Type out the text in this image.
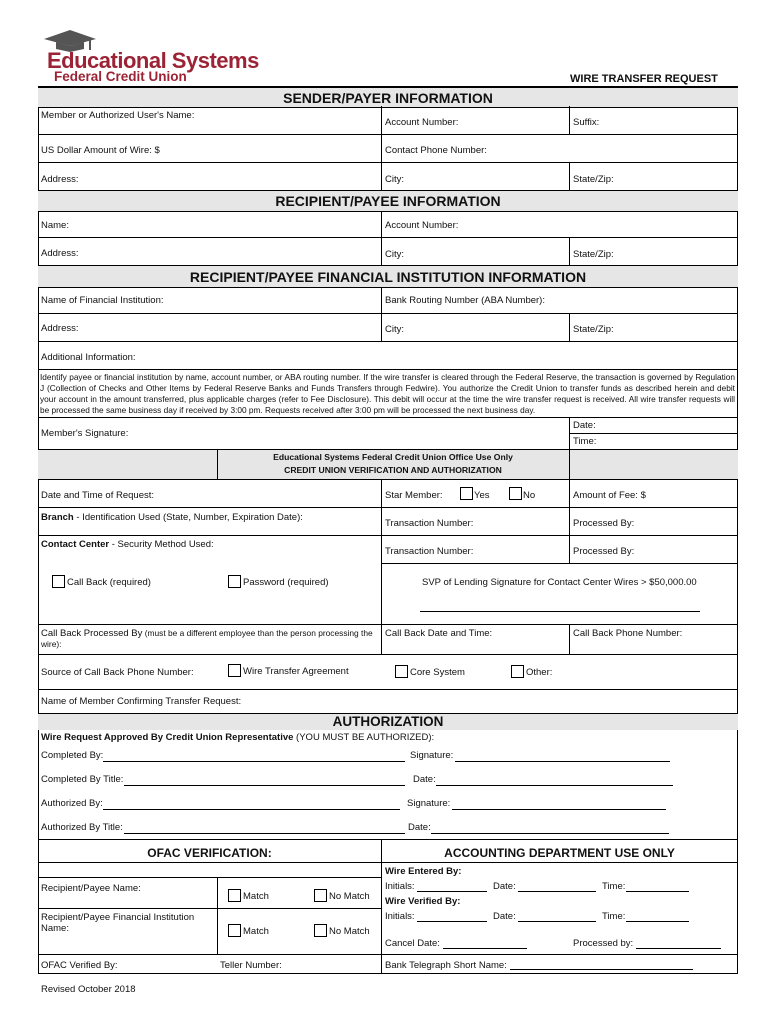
Educational Systems
Federal Credit Union	WIRE TRANSFER REQUEST
SENDER/PAYER INFORMATION
Member or Authorized User's Name:
Account Number:	Suffix:
US Dollar Amount of Wire: $	Contact Phone Number:
Address:	City:	State/Zip:
RECIPIENT/PAYEE INFORMATION
Name:	Account Number:
Address:	City:	State/Zip:
RECIPIENT/PAYEE FINANCIAL INSTITUTION INFORMATION
Name of Financial Institution:	Bank Routing Number (ABA Number):
Address:	City:	State/Zip:
Additional Information:
Identify payee or financial institution by name, account number, or ABA routing number. If the wire transfer is cleared through the Federal Reserve, the transaction is governed by Regulation J (Collection of Checks and Other Items by Federal Reserve Banks and Funds Transfers through Fedwire). You authorize the Credit Union to transfer funds as described herein and debit your account in the amount transferred, plus applicable charges (refer to Fee Disclosure). This debit will occur at the time the wire transfer request is received. All wire transfer requests will be processed the same business day if received by 3:00 pm. Requests received after 3:00 pm will be processed the next business day.
Member's Signature:
Date:
Time:
Educational Systems Federal Credit Union Office Use Only
CREDIT UNION VERIFICATION AND AUTHORIZATION
Date and Time of Request:	Star Member:	Yes	No	Amount of Fee: $
Branch - Identification Used (State, Number, Expiration Date):
Transaction Number:	Processed By:
Contact Center - Security Method Used:
Transaction Number:	Processed By:
Call Back (required)	Password (required)	SVP of Lending Signature for Contact Center Wires > $50,000.00
Call Back Processed By (must be a different employee than the person processing the wire):
Call Back Date and Time:	Call Back Phone Number:
Source of Call Back Phone Number:	Wire Transfer Agreement	Core System	Other:
Name of Member Confirming Transfer Request:
AUTHORIZATION
Wire Request Approved By Credit Union Representative (YOU MUST BE AUTHORIZED):
Completed By:	Signature:
Completed By Title:	Date:
Authorized By:	Signature:
Authorized By Title:	Date:
OFAC VERIFICATION:	ACCOUNTING DEPARTMENT USE ONLY
Recipient/Payee Name:
Match	No Match
Recipient/Payee Financial Institution Name:	Match	No Match
OFAC Verified By:	Teller Number:
Wire Entered By:
Initials:	Date:	Time:
Wire Verified By:
Initials:	Date:	Time:
Cancel Date:	Processed by:
Bank Telegraph Short Name:
Revised October 2018
